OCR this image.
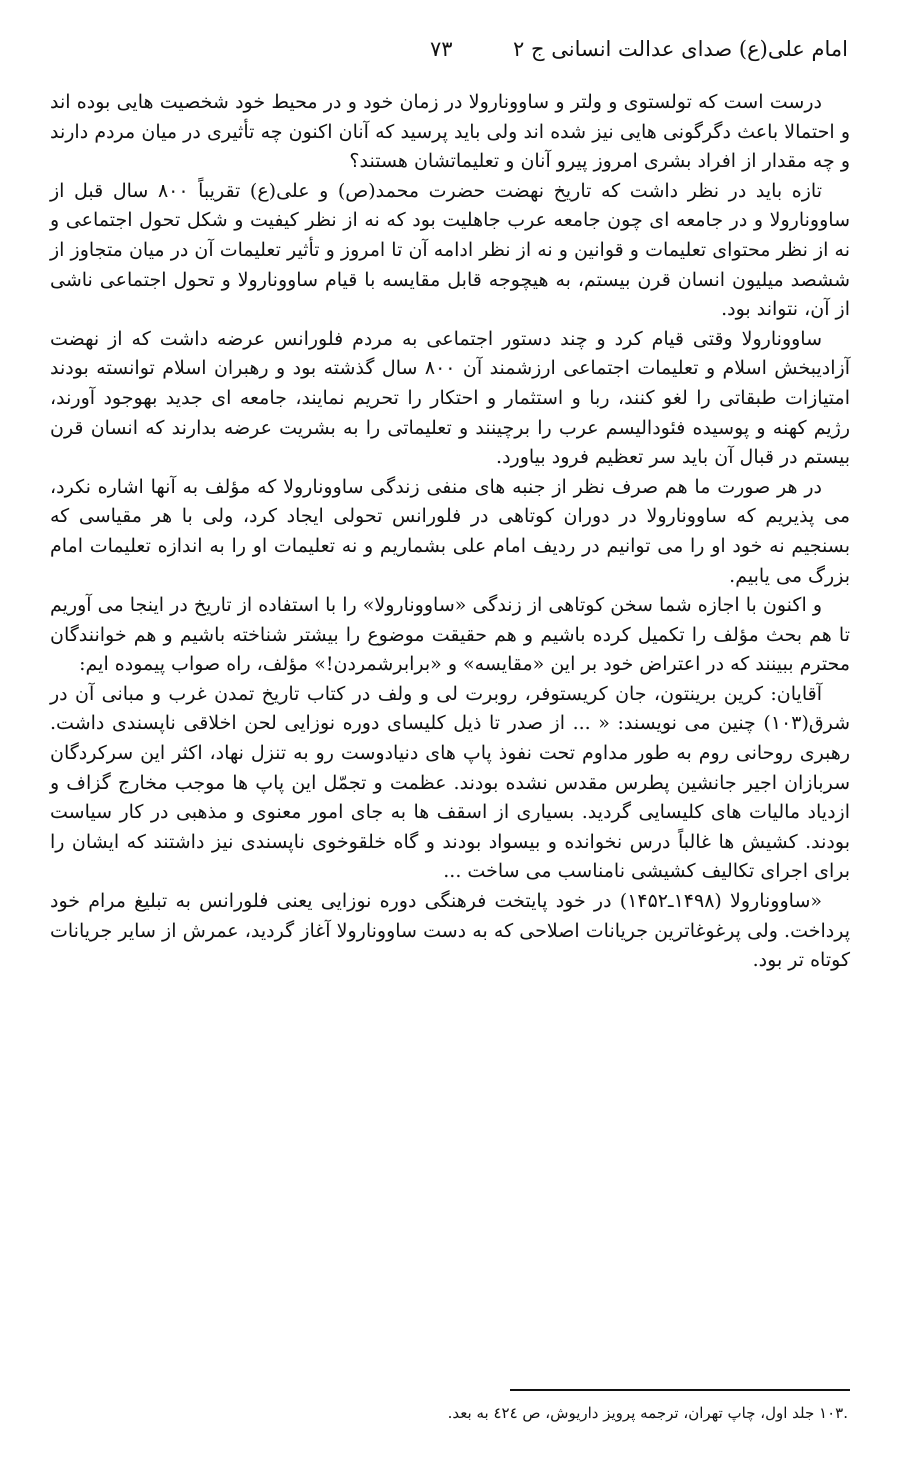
امام علی(ع) صدای عدالت انسانی ج ۲
۷۳

درست است که تولستوی و ولتر و ساوونارولا در زمان خود و در محیط خود شخصیت هایی بوده اند و احتمالا باعث دگرگونی هایی نیز شده اند ولی باید پرسید که آنان اکنون چه تأثیری در میان مردم دارند و چه مقدار از افراد بشری امروز پیرو آنان و تعلیماتشان هستند؟

تازه باید در نظر داشت که تاریخ نهضت حضرت محمد(ص) و علی(ع) تقریباً ۸۰۰ سال قبل از ساوونارولا و در جامعه ای چون جامعه عرب جاهلیت بود که نه از نظر کیفیت و شکل تحول اجتماعی و نه از نظر محتوای تعلیمات و قوانین و نه از نظر ادامه آن تا امروز و تأثیر تعلیمات آن در میان متجاوز از ششصد میلیون انسان قرن بیستم، به هیچوجه قابل مقایسه با قیام ساوونارولا و تحول اجتماعی ناشی از آن، نتواند بود.

ساوونارولا وقتی قیام کرد و چند دستور اجتماعی به مردم فلورانس عرضه داشت که از نهضت آزادیبخش اسلام و تعلیمات اجتماعی ارزشمند آن ۸۰۰ سال گذشته بود و رهبران اسلام توانسته بودند امتیازات طبقاتی را لغو کنند، ربا و استثمار و احتکار را تحریم نمایند، جامعه ای جدید بهوجود آورند، رژیم کهنه و پوسیده فئودالیسم عرب را برچینند و تعلیماتی را به بشریت عرضه بدارند که انسان قرن بیستم در قبال آن باید سر تعظیم فرود بیاورد.

در هر صورت ما هم صرف نظر از جنبه های منفی زندگی ساوونارولا که مؤلف به آنها اشاره نکرد، می پذیریم که ساوونارولا در دوران کوتاهی در فلورانس تحولی ایجاد کرد، ولی با هر مقیاسی که بسنجیم نه خود او را می توانیم در ردیف امام علی بشماریم و نه تعلیمات او را به اندازه تعلیمات امام بزرگ می یابیم.

و اکنون با اجازه شما سخن کوتاهی از زندگی «ساوونارولا» را با استفاده از تاریخ در اینجا می آوریم تا هم بحث مؤلف را تکمیل کرده باشیم و هم حقیقت موضوع را بیشتر شناخته باشیم و هم خوانندگان محترم ببینند که در اعتراض خود بر این «مقایسه» و «برابرشمردن!» مؤلف، راه صواب پیموده ایم:

آقایان: کرین برینتون، جان کریستوفر، روبرت لی و ولف در کتاب تاریخ تمدن غرب و مبانی آن در شرق(۱۰۳) چنین می نویسند: « ... از صدر تا ذیل کلیسای دوره نوزایی لحن اخلاقی ناپسندی داشت. رهبری روحانی روم به طور مداوم تحت نفوذ پاپ های دنیادوست رو به تنزل نهاد، اکثر این سرکردگان سربازان اجیر جانشین پطرس مقدس نشده بودند. عظمت و تجمّل این پاپ ها موجب مخارج گزاف و ازدیاد مالیات های کلیسایی گردید. بسیاری از اسقف ها به جای امور معنوی و مذهبی در کار سیاست بودند. کشیش ها غالباً درس نخوانده و بیسواد بودند و گاه خلقوخوی ناپسندی نیز داشتند که ایشان را برای اجرای تکالیف کشیشی نامناسب می ساخت ...

«ساوونارولا (۱۴۹۸ـ۱۴۵۲) در خود پایتخت فرهنگی دوره نوزایی یعنی فلورانس به تبلیغ مرام خود پرداخت. ولی پرغوغاترین جریانات اصلاحی که به دست ساوونارولا آغاز گردید، عمرش از سایر جریانات کوتاه تر بود.

.۱۰۳ جلد اول، چاپ تهران، ترجمه پرویز داریوش، ص ٤٢٤ به بعد.
